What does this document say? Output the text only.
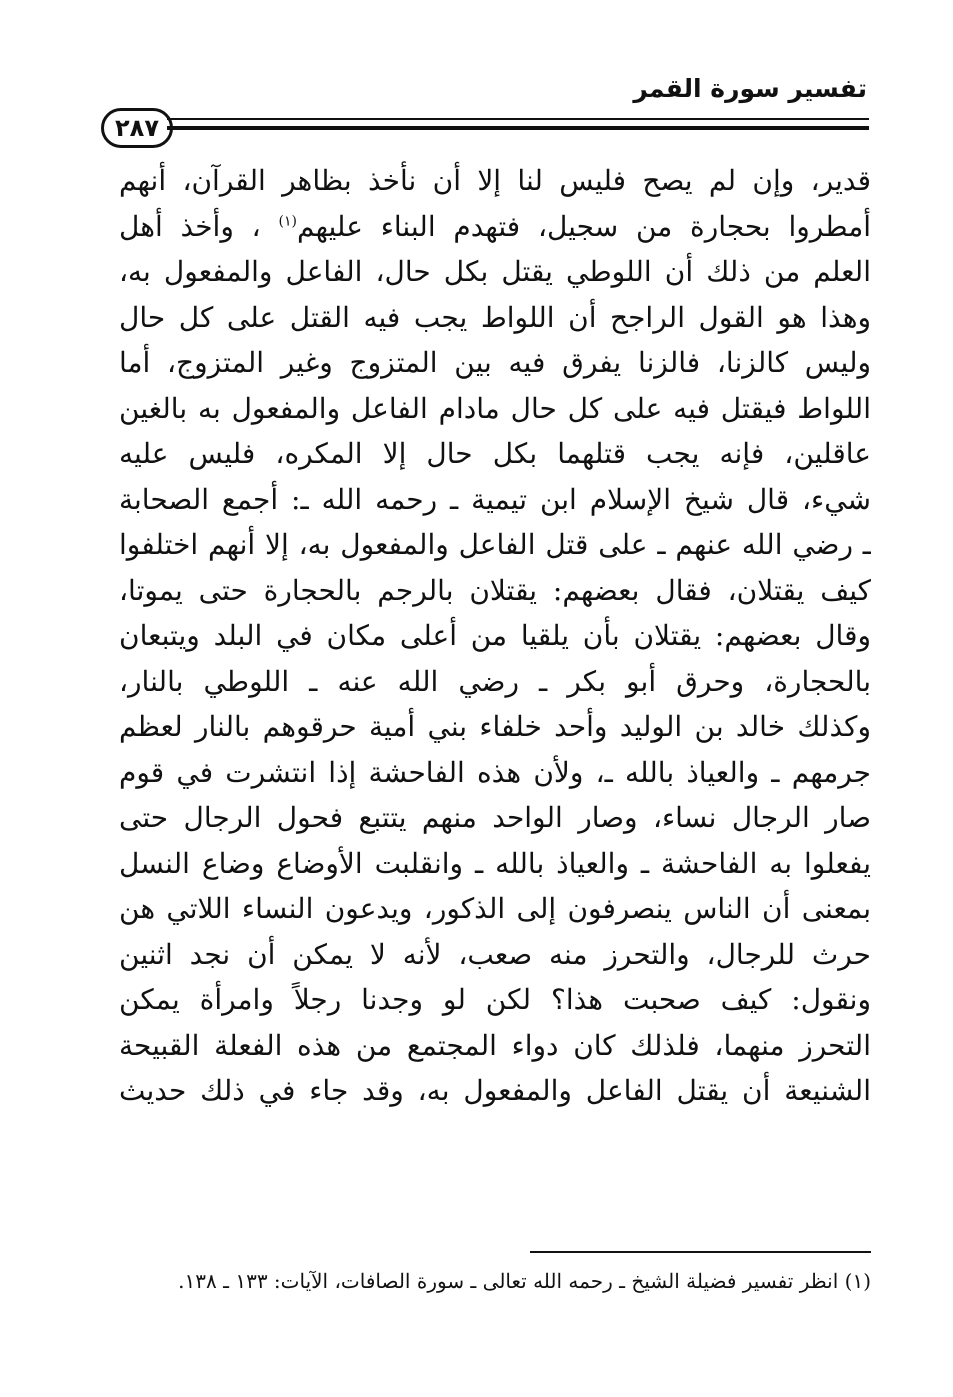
تفسير سورة القمر
٢٨٧
قدير، وإن لم يصح فليس لنا إلا أن نأخذ بظاهر القرآن، أنهم
أمطروا بحجارة من سجيل، فتهدم البناء عليهم$^{(١)}$ ، وأخذ أهل
العلم من ذلك أن اللوطي يقتل بكل حال، الفاعل والمفعول به،
وهذا هو القول الراجح أن اللواط يجب فيه القتل على كل حال
وليس كالزنا، فالزنا يفرق فيه بين المتزوج وغير المتزوج، أما
اللواط فيقتل فيه على كل حال مادام الفاعل والمفعول به بالغين
عاقلين، فإنه يجب قتلهما بكل حال إلا المكره، فليس عليه
شيء، قال شيخ الإسلام ابن تيمية ـ رحمه الله ـ: أجمع الصحابة
ـ رضي الله عنهم ـ على قتل الفاعل والمفعول به، إلا أنهم اختلفوا
كيف يقتلان، فقال بعضهم: يقتلان بالرجم بالحجارة حتى يموتا،
وقال بعضهم: يقتلان بأن يلقيا من أعلى مكان في البلد ويتبعان
بالحجارة، وحرق أبو بكر ـ رضي الله عنه ـ اللوطي بالنار،
وكذلك خالد بن الوليد وأحد خلفاء بني أمية حرقوهم بالنار لعظم
جرمهم ـ والعياذ بالله ـ، ولأن هذه الفاحشة إذا انتشرت في قوم
صار الرجال نساء، وصار الواحد منهم يتتبع فحول الرجال حتى
يفعلوا به الفاحشة ـ والعياذ بالله ـ وانقلبت الأوضاع وضاع النسل
بمعنى أن الناس ينصرفون إلى الذكور، ويدعون النساء اللاتي هن
حرث للرجال، والتحرز منه صعب، لأنه لا يمكن أن نجد اثنين
ونقول: كيف صحبت هذا؟ لكن لو وجدنا رجلاً وامرأة يمكن
التحرز منهما، فلذلك كان دواء المجتمع من هذه الفعلة القبيحة
الشنيعة أن يقتل الفاعل والمفعول به، وقد جاء في ذلك حديث
(١) انظر تفسير فضيلة الشيخ ـ رحمه الله تعالى ـ سورة الصافات، الآيات: ١٣٣ ـ ١٣٨.
